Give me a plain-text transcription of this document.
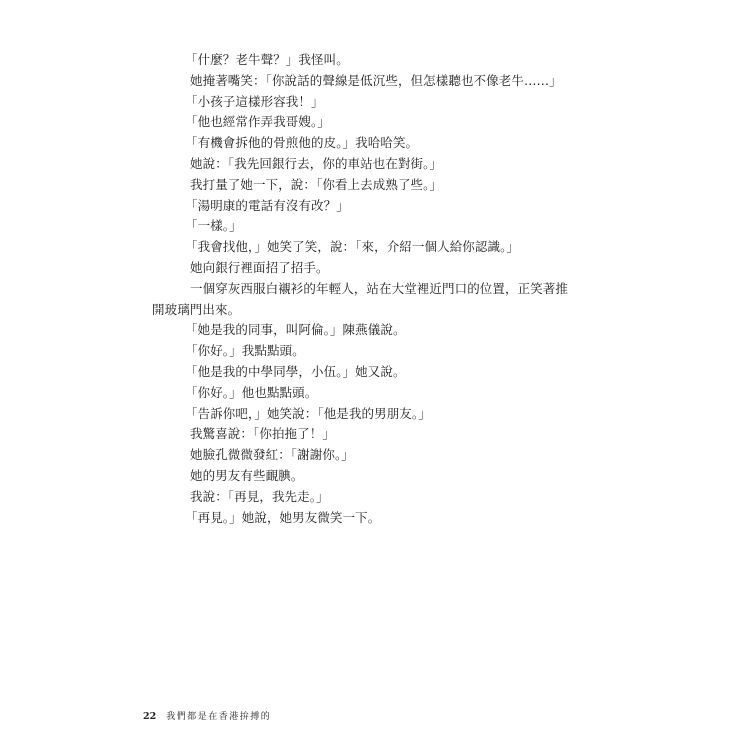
「什麼？老牛聲？」我怪叫。

她掩著嘴笑：「你說話的聲線是低沉些，但怎樣聽也不像老牛……」

「小孩子這樣形容我！」

「他也經常作弄我哥嫂。」

「有機會拆他的骨煎他的皮。」我哈哈笑。

她說：「我先回銀行去，你的車站也在對街。」

我打量了她一下，說：「你看上去成熟了些。」

「湯明康的電話有沒有改？」

「一樣。」

「我會找他，」她笑了笑，說：「來，介紹一個人給你認識。」

她向銀行裡面招了招手。

一個穿灰西服白襯衫的年輕人，站在大堂裡近門口的位置，正笑著推開玻璃門出來。

「她是我的同事，叫阿倫。」陳燕儀說。

「你好。」我點點頭。

「他是我的中學同學，小伍。」她又說。

「你好。」他也點點頭。

「告訴你吧，」她笑說：「他是我的男朋友。」

我驚喜說：「你拍拖了！」

她臉孔微微發紅：「謝謝你。」

她的男友有些靦腆。

我說：「再見，我先走。」

「再見。」她說，她男友微笑一下。

22 我們都是在香港拚搏的
